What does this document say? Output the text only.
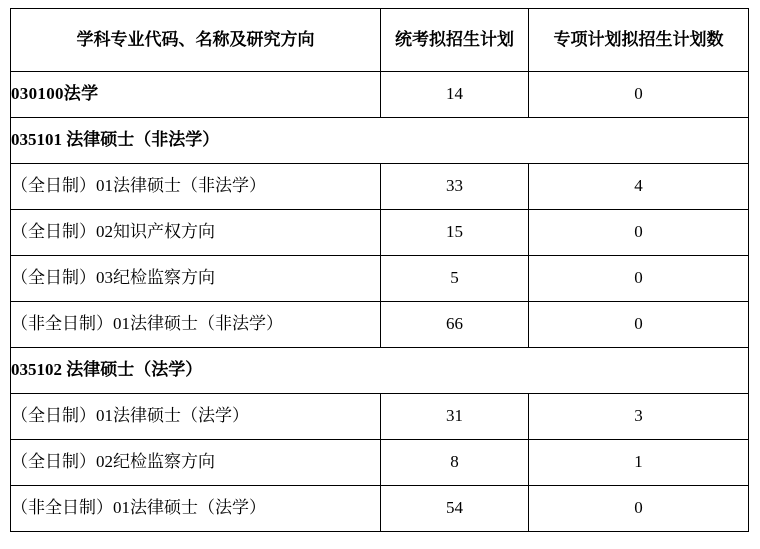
学科专业代码、名称及研究方向	统考拟招生计划	专项计划拟招生计划数
030100法学	14	0
035101 法律硕士（非法学）		
（全日制）01法律硕士（非法学）	33	4
（全日制）02知识产权方向	15	0
（全日制）03纪检监察方向	5	0
（非全日制）01法律硕士（非法学）	66	0
035102 法律硕士（法学）		
（全日制）01法律硕士（法学）	31	3
（全日制）02纪检监察方向	8	1
（非全日制）01法律硕士（法学）	54	0
